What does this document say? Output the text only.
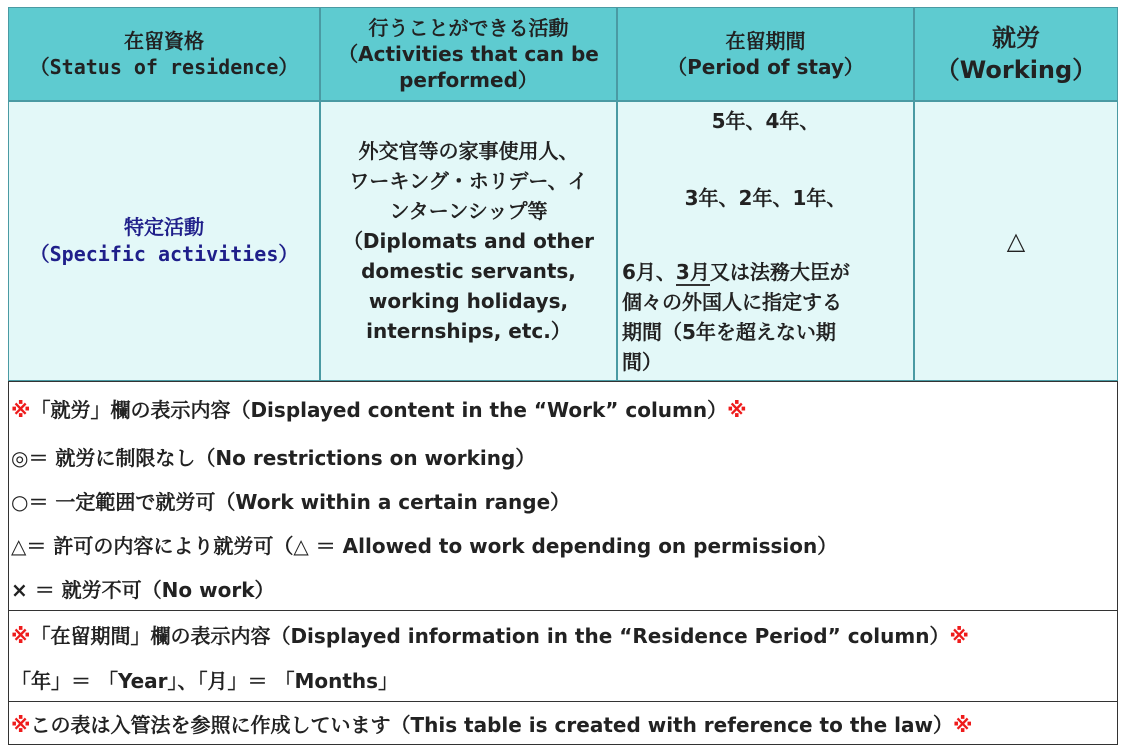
在留資格
（Status of residence）
行うことができる活動
（Activities that can be
performed）
在留期間
（Period of stay）
就労
（Working）
特定活動
（Specific activities）
外交官等の家事使用人、
ワーキング・ホリデー、イ
ンターンシップ等
（Diplomats and other
domestic servants,
working holidays,
internships, etc.）
5年、4年、
3年、2年、1年、
6月、3月又は法務大臣が
個々の外国人に指定する
期間（5年を超えない期
間）
△
※「就労」欄の表示内容（Displayed content in the “Work” column）※
◎＝ 就労に制限なし（No restrictions on working）
○＝ 一定範囲で就労可（Work within a certain range）
△＝ 許可の内容により就労可（△ ＝ Allowed to work depending on permission）
× ＝ 就労不可（No work）
※「在留期間」欄の表示内容（Displayed information in the “Residence Period” column）※
「年」＝ 「Year」、「月」＝ 「Months」
※この表は入管法を参照に作成しています（This table is created with reference to the law）※
